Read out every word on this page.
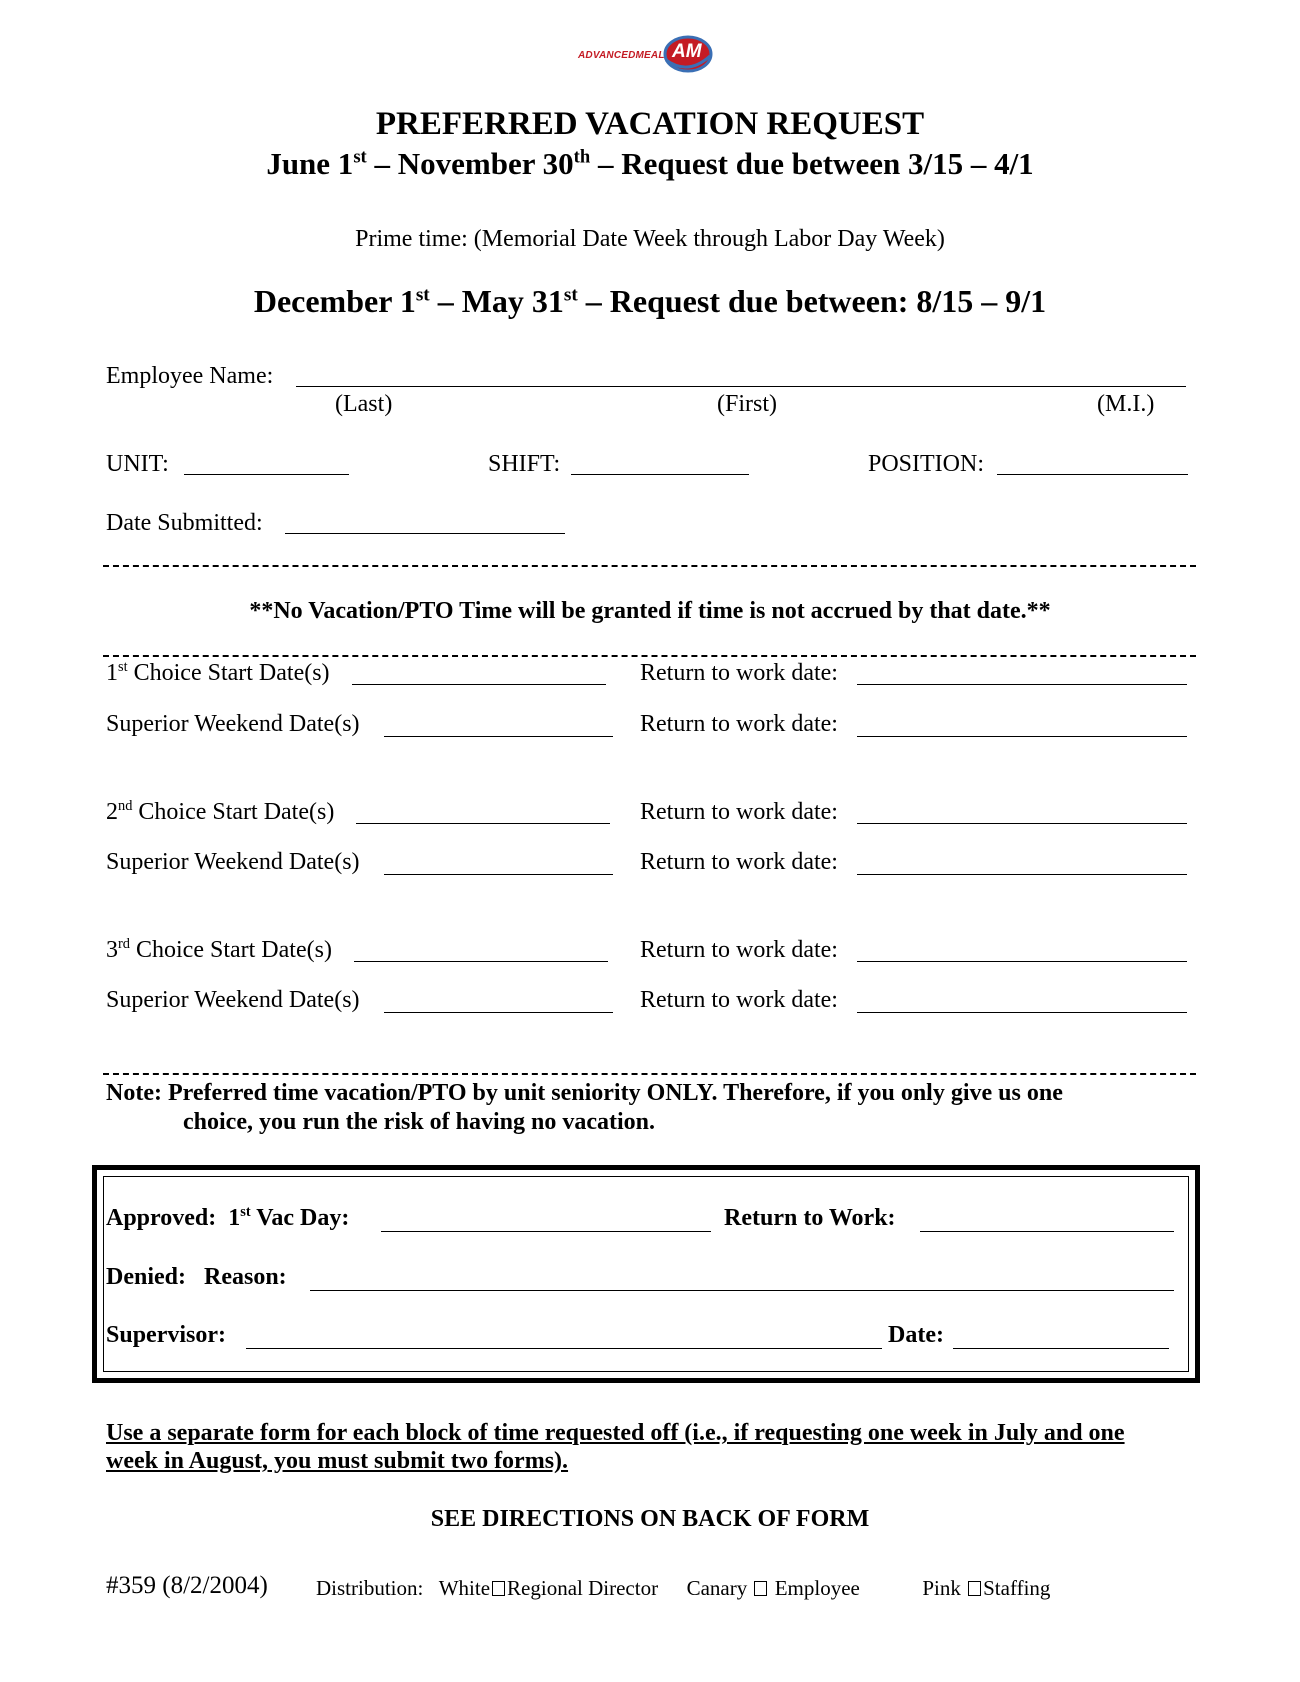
ADVANCEDMEAL AM
PREFERRED VACATION REQUEST
June 1st – November 30th – Request due between 3/15 – 4/1
Prime time: (Memorial Date Week through Labor Day Week)
December 1st – May 31st – Request due between: 8/15 – 9/1
Employee Name:
(Last)	(First)	(M.I.)
UNIT:	SHIFT:	POSITION:
Date Submitted:
**No Vacation/PTO Time will be granted if time is not accrued by that date.**
1st Choice Start Date(s)	Return to work date:
Superior Weekend Date(s)	Return to work date:
2nd Choice Start Date(s)	Return to work date:
Superior Weekend Date(s)	Return to work date:
3rd Choice Start Date(s)	Return to work date:
Superior Weekend Date(s)	Return to work date:
Note: Preferred time vacation/PTO by unit seniority ONLY. Therefore, if you only give us one
choice, you run the risk of having no vacation.
Approved: 1st Vac Day:	Return to Work:
Denied: Reason:
Supervisor:	Date:
Use a separate form for each block of time requested off (i.e., if requesting one week in July and one
week in August, you must submit two forms).
SEE DIRECTIONS ON BACK OF FORM
#359 (8/2/2004) Distribution: White Regional Director Canary Employee	Pink Staffing
